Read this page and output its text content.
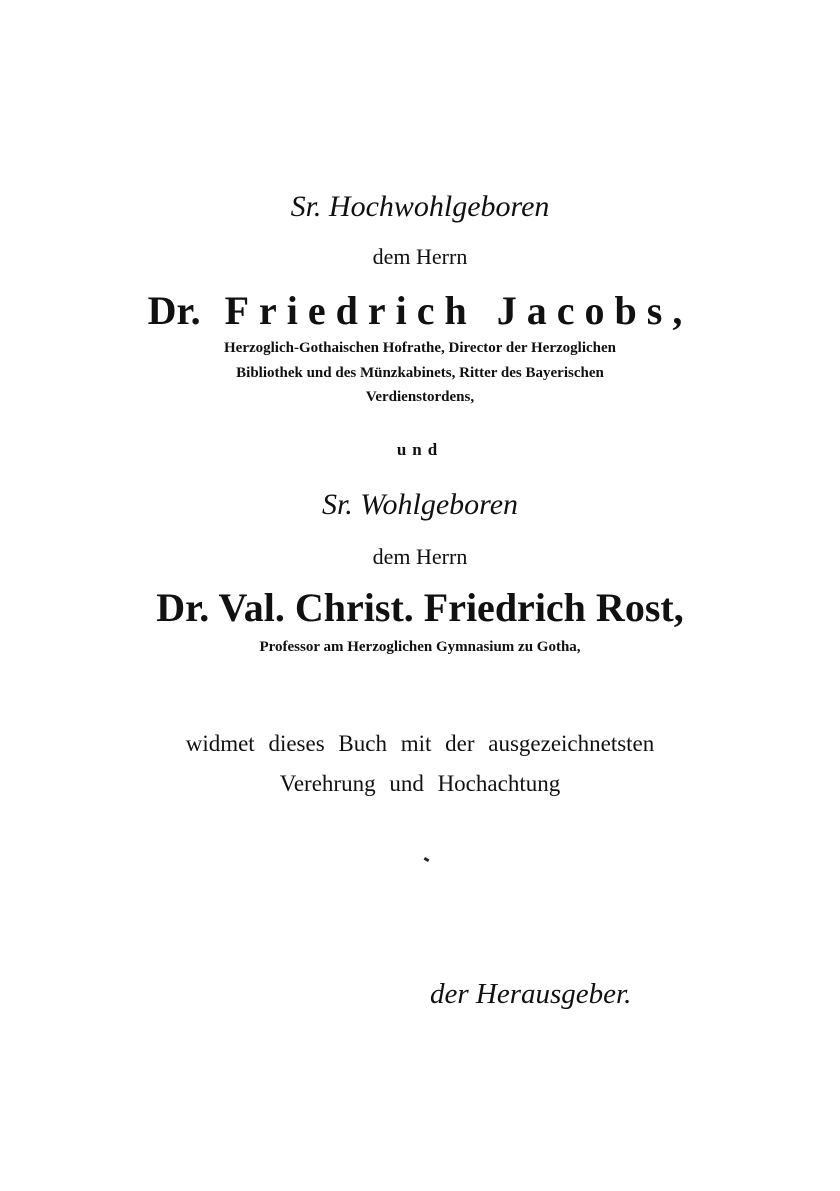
Sr. Hochwohlgeboren
dem Herrn
Dr. Friedrich Jacobs,
Herzoglich-Gothaischen Hofrathe, Director der Herzoglichen
Bibliothek und des Münzkabinets, Ritter des Bayerischen
Verdienstordens,
und
Sr. Wohlgeboren
dem Herrn
Dr. Val. Christ. Friedrich Rost,
Professor am Herzoglichen Gymnasium zu Gotha,
widmet dieses Buch mit der ausgezeichnetsten
Verehrung und Hochachtung
der Herausgeber.
